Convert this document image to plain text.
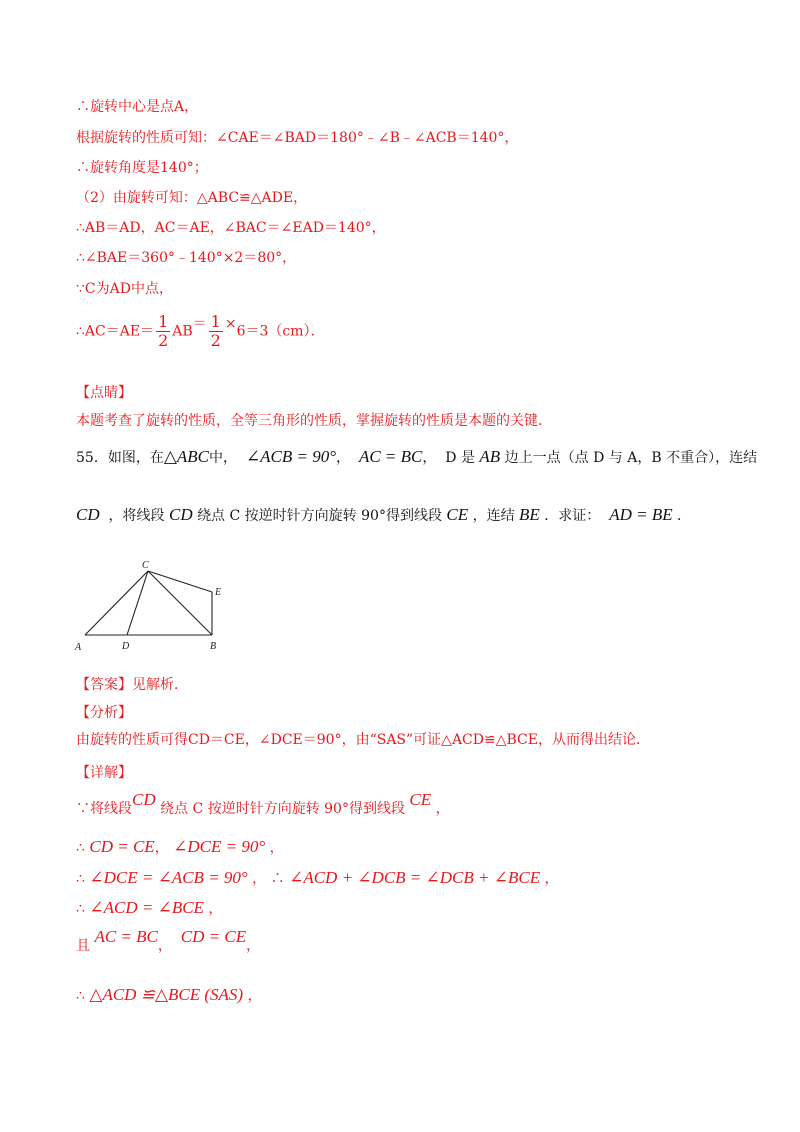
∴旋转中心是点A，
根据旋转的性质可知：∠CAE＝∠BAD＝180°﹣∠B﹣∠ACB＝140°，
∴旋转角度是140°；
（2）由旋转可知：△ABC≌△ADE，
∴AB＝AD，AC＝AE，∠BAC＝∠EAD＝140°，
∴∠BAE＝360°﹣140°×2＝80°，
∵C为AD中点，
∴AC＝AE＝ $\frac{1}{2} AB= \frac{1}{2} \times 6=3(cm)$．
【点睛】
本题考查了旋转的性质，全等三角形的性质，掌握旋转的性质是本题的关键．
55．如图，在△ABC中， ∠ACB = 90°， AC = BC， D 是 AB 边上一点（点 D 与 A，B 不重合），连结
CD ，将线段 CD 绕点 C 按逆时针方向旋转 90°得到线段 CE ，连结 BE ．求证： AD = BE ．
C
E
A	D	B
【答案】见解析．
【分析】
由旋转的性质可得CD＝CE，∠DCE＝90°，由“SAS”可证△ACD≌△BCE，从而得出结论．
【详解】
∵将线段CD 绕点 C 按逆时针方向旋转 90°得到线段 CE ，
∴ CD = CE， ∠DCE = 90° ，
∴ ∠DCE = ∠ACB = 90° ， ∴ ∠ACD + ∠DCB = ∠DCB + ∠BCE ，
∴ ∠ACD = ∠BCE ，
且 AC = BC， CD = CE，
∴ △ACD ≌△BCE (SAS) ，
